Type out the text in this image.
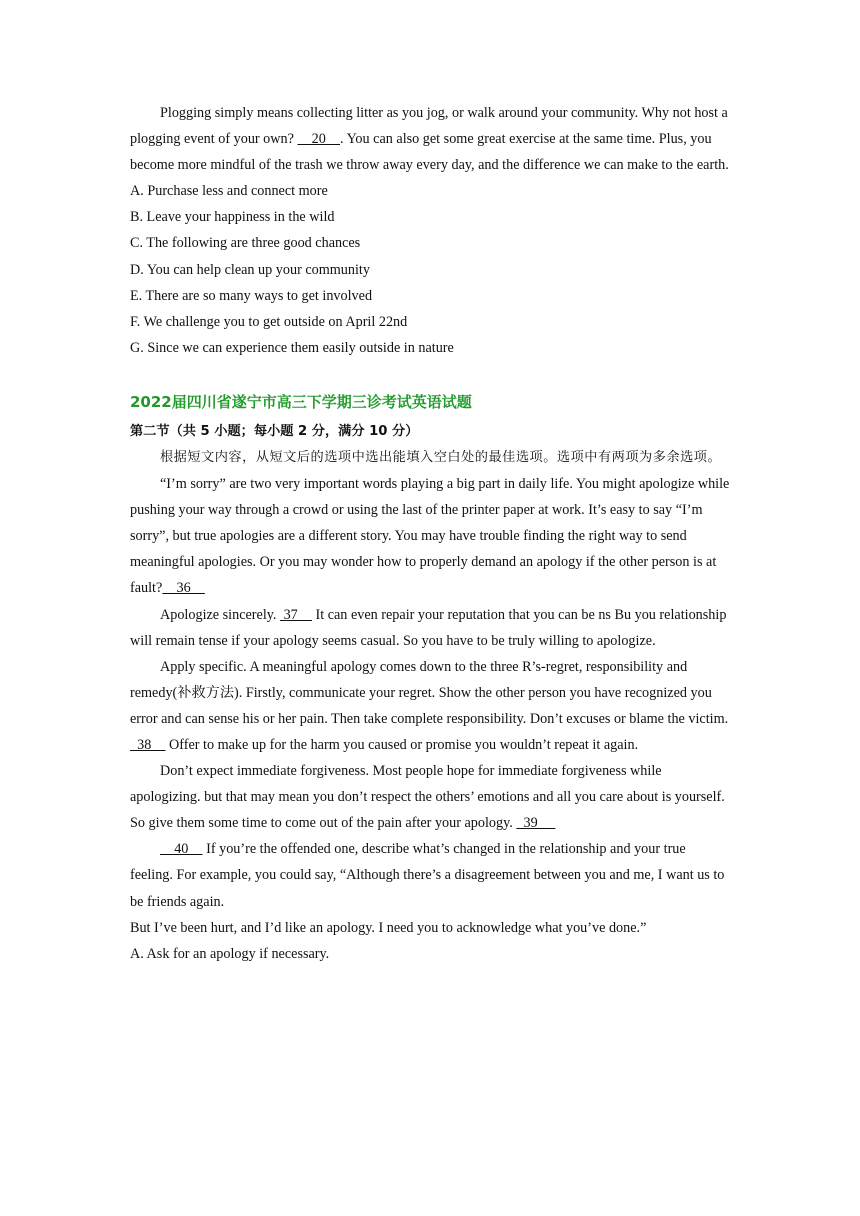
Plogging simply means collecting litter as you jog, or walk around your community. Why not host a plogging event of your own?     20    . You can also get some great exercise at the same time. Plus, you become more mindful of the trash we throw away every day, and the difference we can make to the earth.

A. Purchase less and connect more

B. Leave your happiness in the wild

C. The following are three good chances

D. You can help clean up your community

E. There are so many ways to get involved

F. We challenge you to get outside on April 22nd

G. Since we can experience them easily outside in nature

2022届四川省遂宁市高三下学期三诊考试英语试题

第二节（共 5 小题；每小题 2 分，满分 10 分）

根据短文内容，从短文后的选项中选出能填入空白处的最佳选项。选项中有两项为多余选项。

“I’m sorry” are two very important words playing a big part in daily life. You might apologize while pushing your way through a crowd or using the last of the printer paper at work. It’s easy to say “I’m sorry”, but true apologies are a different story. You may have trouble finding the right way to send meaningful apologies. Or you may wonder how to properly demand an apology if the other person is at fault?    36

Apologize sincerely.  37     It can even repair your reputation that you can be ns Bu you relationship will remain tense if your apology seems casual. So you have to be truly willing to apologize.

Apply specific. A meaningful apology comes down to the three R’s-regret, responsibility and remedy(补救方法). Firstly, communicate your regret. Show the other person you have recognized you error and can sense his or her pain. Then take complete responsibility. Don’t excuses or blame the victim.   38     Offer to make up for the harm you caused or promise you wouldn’t repeat it again.

Don’t expect immediate forgiveness. Most people hope for immediate forgiveness while apologizing. but that may mean you don’t respect the others’ emotions and all you care about is yourself. So give them some time to come out of the pain after your apology.   39

40     If you’re the offended one, describe what’s changed in the relationship and your true feeling. For example, you could say, “Although there’s a disagreement between you and me, I want us to be friends again.

But I’ve been hurt, and I’d like an apology. I need you to acknowledge what you’ve done.”

A. Ask for an apology if necessary.
